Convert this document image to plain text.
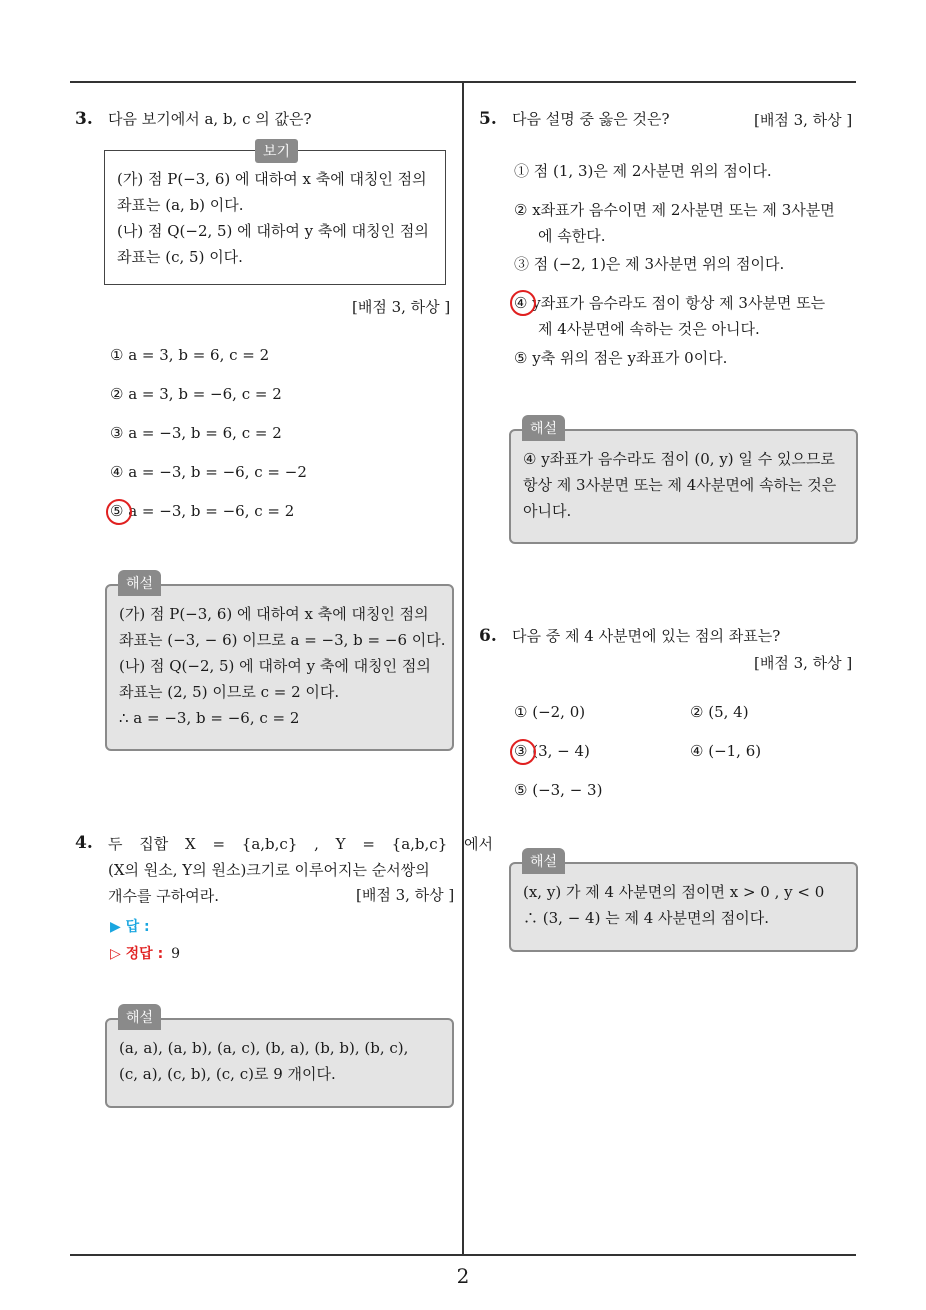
3. 다음 보기에서 a, b, c 의 값은?
(가) 점 P(−3, 6) 에 대하여 x 축에 대칭인 점의
좌표는 (a, b) 이다.
(나) 점 Q(−2, 5) 에 대하여 y 축에 대칭인 점의
좌표는 (c, 5) 이다.
보기
[배점 3, 하상 ]
① a = 3, b = 6, c = 2
② a = 3, b = −6, c = 2
③ a = −3, b = 6, c = 2
④ a = −3, b = −6, c = −2
⑤ a = −3, b = −6, c = 2
(가) 점 P(−3, 6) 에 대하여 x 축에 대칭인 점의
좌표는 (−3, − 6) 이므로 a = −3, b = −6 이다.
(나) 점 Q(−2, 5) 에 대하여 y 축에 대칭인 점의
좌표는 (2, 5) 이므로 c = 2 이다.
∴ a = −3, b = −6, c = 2
해설
4. 두 집합 X = {a,b,c} , Y = {a,b,c} 에서
(X의 원소, Y의 원소)크기로 이루어지는 순서쌍의
개수를 구하여라.	[배점 3, 하상 ]
▶ 답 :
▷ 정답 : 9
(a, a), (a, b), (a, c), (b, a), (b, b), (b, c),
(c, a), (c, b), (c, c)로 9 개이다.
해설
5. 다음 설명 중 옳은 것은?	[배점 3, 하상 ]
① 점 (1, 3)은 제 2사분면 위의 점이다.
② x좌표가 음수이면 제 2사분면 또는 제 3사분면
에 속한다.
③ 점 (−2, 1)은 제 3사분면 위의 점이다.
④ y좌표가 음수라도 점이 항상 제 3사분면 또는
제 4사분면에 속하는 것은 아니다.
⑤ y축 위의 점은 y좌표가 0이다.
④ y좌표가 음수라도 점이 (0, y) 일 수 있으므로
항상 제 3사분면 또는 제 4사분면에 속하는 것은
아니다.
해설
6. 다음 중 제 4 사분면에 있는 점의 좌표는?
[배점 3, 하상 ]
① (−2, 0)	② (5, 4)
③ (3, − 4)	④ (−1, 6)
⑤ (−3, − 3)
(x, y) 가 제 4 사분면의 점이면 x > 0 , y < 0
∴ (3, − 4) 는 제 4 사분면의 점이다.
해설
2
